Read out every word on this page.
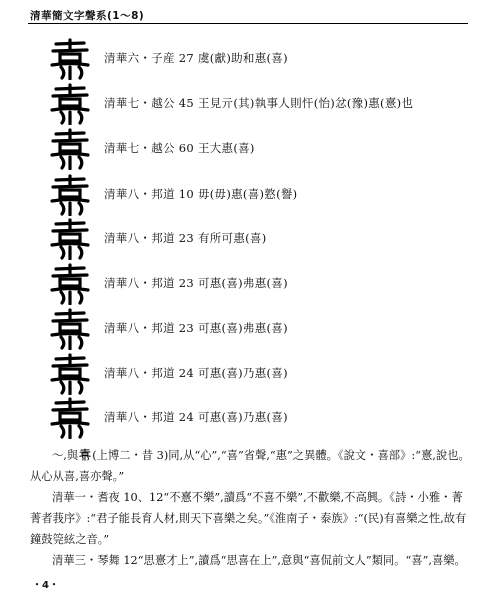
清華簡文字聲系(1～8)
清華六・子産 27 虞(獻)助和惠(喜)
清華七・越公 45 王見亓(其)執事人則忓(怡)忿(豫)惠(憙)也
清華七・越公 60 王大惠(喜)
清華八・邦道 10 毋(毋)惠(喜)憝(譽)
清華八・邦道 23 有所可惠(喜)
清華八・邦道 23 可惠(喜)弗惠(喜)
清華八・邦道 23 可惠(喜)弗惠(喜)
清華八・邦道 24 可惠(喜)乃惠(喜)
清華八・邦道 24 可惠(喜)乃惠(喜)

～,與 (上博二・昔 3)同,从“心”,“喜”省聲,“惠”之異體。《說文・喜部》:“憙,說也。从心从喜,喜亦聲。”

清華一・耆夜 10、12“不憙不樂”,讀爲“不喜不樂”,不歡樂,不高興。《詩・小雅・菁菁者莪序》:“君子能長育人材,則天下喜樂之矣。”《淮南子・泰族》:“(民)有喜樂之性,故有鐘鼓筦絃之音。”

清華三・琴舞 12“思憙才上”,讀爲“思喜在上”,意與“喜侃前文人”類同。“喜”,喜樂。

・4・
